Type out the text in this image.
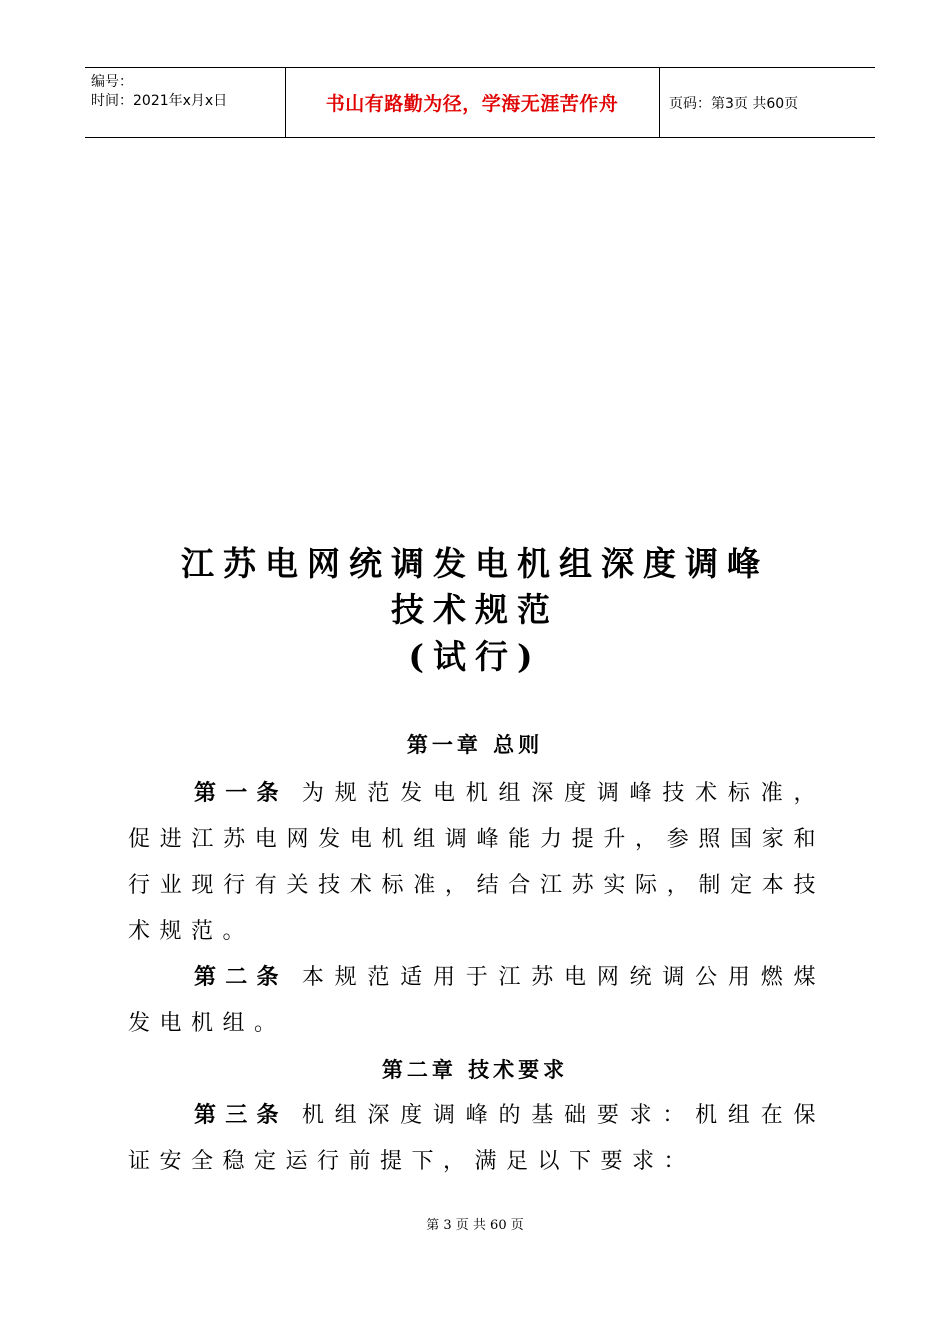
编号：
时间：2021年x月x日	书山有路勤为径，学海无涯苦作舟	页码：第3页 共60页
江苏电网统调发电机组深度调峰
技术规范
(试行)
第一章 总则
第一条 为规范发电机组深度调峰技术标准，促进江苏电网发电机组调峰能力提升，参照国家和行业现行有关技术标准，结合江苏实际，制定本技术规范。
第二条 本规范适用于江苏电网统调公用燃煤发电机组。
第二章 技术要求
第三条 机组深度调峰的基础要求：机组在保证安全稳定运行前提下，满足以下要求：
第 3 页 共 60 页
